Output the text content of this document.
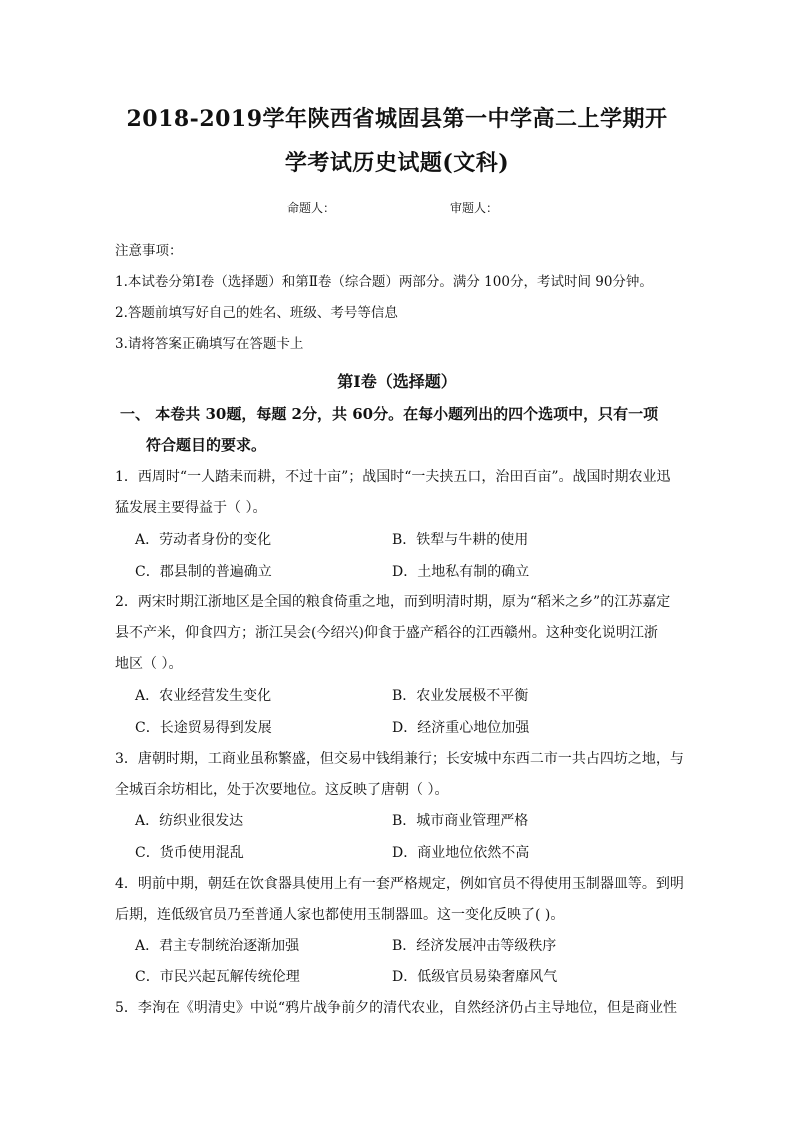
2018-2019学年陕西省城固县第一中学高二上学期开
学考试历史试题(文科)
命题人：	审题人：
注意事项：
1.本试卷分第Ⅰ卷（选择题）和第Ⅱ卷（综合题）两部分。满分 100分，考试时间 90分钟。
2.答题前填写好自己的姓名、班级、考号等信息
3.请将答案正确填写在答题卡上
第Ⅰ卷（选择题）
一、 本卷共 30题，每题 2分，共 60分。在每小题列出的四个选项中，只有一项
符合题目的要求。
1．西周时“一人踏耒而耕，不过十亩”；战国时“一夫挟五口，治田百亩”。战国时期农业迅
猛发展主要得益于（ ）。
A．劳动者身份的变化	B．铁犁与牛耕的使用
C．郡县制的普遍确立	D．土地私有制的确立
2．两宋时期江浙地区是全国的粮食倚重之地，而到明清时期，原为“稻米之乡”的江苏嘉定
县不产米，仰食四方；浙江吴会(今绍兴)仰食于盛产稻谷的江西赣州。这种变化说明江浙
地区（ ）。
A．农业经营发生变化	B．农业发展极不平衡
C．长途贸易得到发展	D．经济重心地位加强
3．唐朝时期，工商业虽称繁盛，但交易中钱绢兼行；长安城中东西二市一共占四坊之地，与
全城百余坊相比，处于次要地位。这反映了唐朝（ ）。
A．纺织业很发达	B．城市商业管理严格
C．货币使用混乱	D．商业地位依然不高
4．明前中期，朝廷在饮食器具使用上有一套严格规定，例如官员不得使用玉制器皿等。到明
后期，连低级官员乃至普通人家也都使用玉制器皿。这一变化反映了( )。
A．君主专制统治逐渐加强	B．经济发展冲击等级秩序
C．市民兴起瓦解传统伦理	D．低级官员易染奢靡风气
5．李洵在《明清史》中说“鸦片战争前夕的清代农业，自然经济仍占主导地位，但是商业性
